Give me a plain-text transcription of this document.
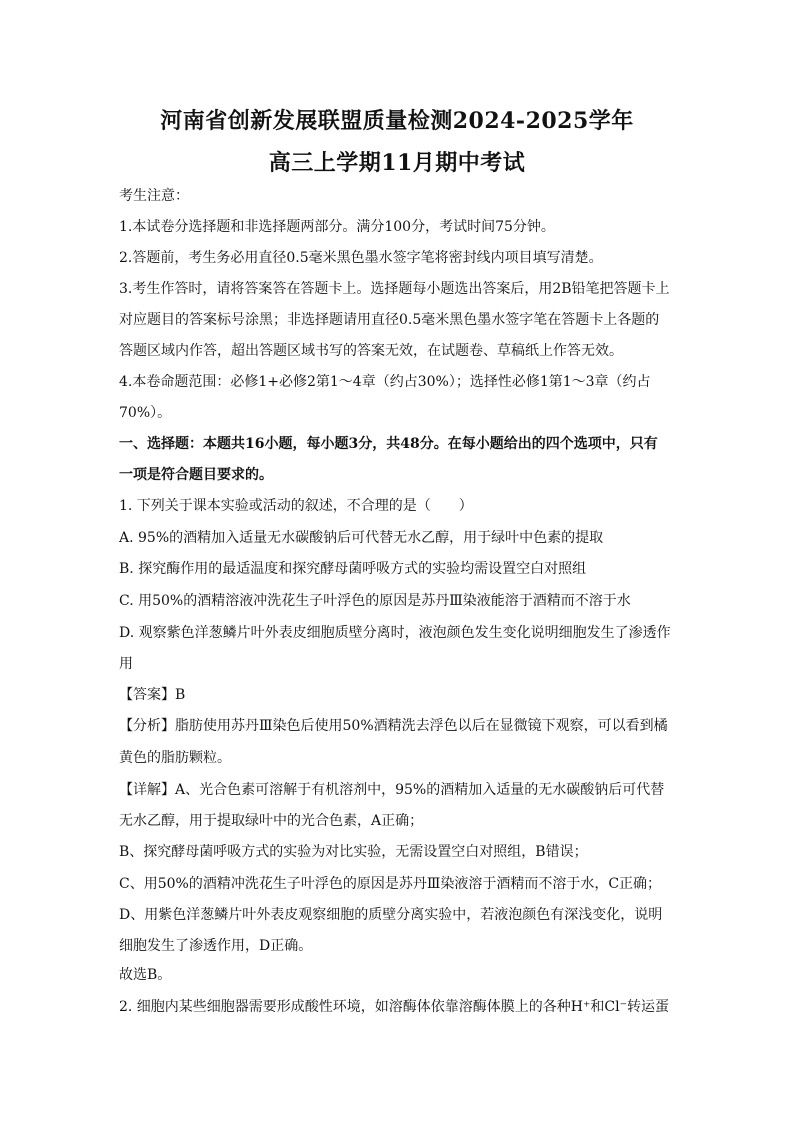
河南省创新发展联盟质量检测2024-2025学年
高三上学期11月期中考试
考生注意：
1.本试卷分选择题和非选择题两部分。满分100分，考试时间75分钟。
2.答题前，考生务必用直径0.5毫米黑色墨水签字笔将密封线内项目填写清楚。
3.考生作答时，请将答案答在答题卡上。选择题每小题选出答案后，用2B铅笔把答题卡上
对应题目的答案标号涂黑；非选择题请用直径0.5毫米黑色墨水签字笔在答题卡上各题的
答题区域内作答，超出答题区域书写的答案无效，在试题卷、草稿纸上作答无效。
4.本卷命题范围：必修1+必修2第1～4章（约占30%）；选择性必修1第1～3章（约占
70%）。
一、选择题：本题共16小题，每小题3分，共48分。在每小题给出的四个选项中，只有
一项是符合题目要求的。
1. 下列关于课本实验或活动的叙述，不合理的是（　　）
A. 95%的酒精加入适量无水碳酸钠后可代替无水乙醇，用于绿叶中色素的提取
B. 探究酶作用的最适温度和探究酵母菌呼吸方式的实验均需设置空白对照组
C. 用50%的酒精溶液冲洗花生子叶浮色的原因是苏丹Ⅲ染液能溶于酒精而不溶于水
D. 观察紫色洋葱鳞片叶外表皮细胞质壁分离时，液泡颜色发生变化说明细胞发生了渗透作
用
【答案】B
【分析】脂肪使用苏丹Ⅲ染色后使用50%酒精洗去浮色以后在显微镜下观察，可以看到橘
黄色的脂肪颗粒。
【详解】A、光合色素可溶解于有机溶剂中，95%的酒精加入适量的无水碳酸钠后可代替
无水乙醇，用于提取绿叶中的光合色素，A正确；
B、探究酵母菌呼吸方式的实验为对比实验，无需设置空白对照组，B错误；
C、用50%的酒精冲洗花生子叶浮色的原因是苏丹Ⅲ染液溶于酒精而不溶于水，C正确；
D、用紫色洋葱鳞片叶外表皮观察细胞的质壁分离实验中，若液泡颜色有深浅变化，说明
细胞发生了渗透作用，D正确。
故选B。
2. 细胞内某些细胞器需要形成酸性环境，如溶酶体依靠溶酶体膜上的各种H⁺和Cl⁻转运蛋
